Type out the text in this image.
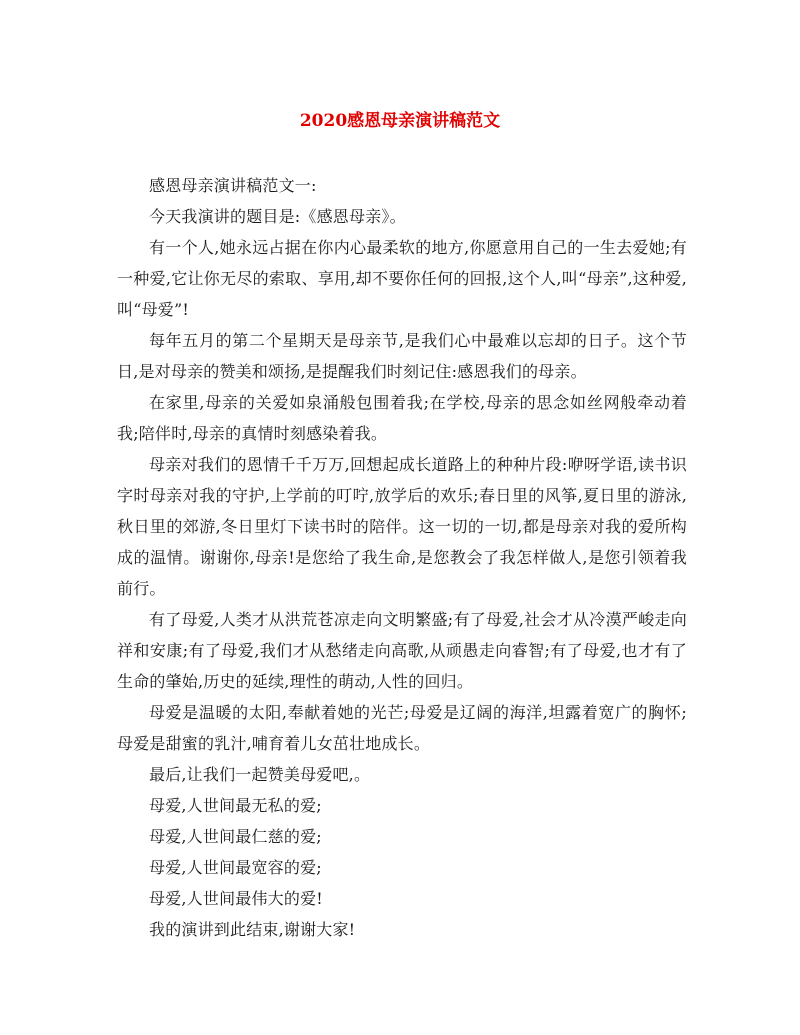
2020感恩母亲演讲稿范文

感恩母亲演讲稿范文一:

今天我演讲的题目是:《感恩母亲》。

有一个人,她永远占据在你内心最柔软的地方,你愿意用自己的一生去爱她;有一种爱,它让你无尽的索取、享用,却不要你任何的回报,这个人,叫“母亲”,这种爱,叫“母爱”!

每年五月的第二个星期天是母亲节,是我们心中最难以忘却的日子。这个节日,是对母亲的赞美和颂扬,是提醒我们时刻记住:感恩我们的母亲。

在家里,母亲的关爱如泉涌般包围着我;在学校,母亲的思念如丝网般牵动着我;陪伴时,母亲的真情时刻感染着我。

母亲对我们的恩情千千万万,回想起成长道路上的种种片段:咿呀学语,读书识字时母亲对我的守护,上学前的叮咛,放学后的欢乐;春日里的风筝,夏日里的游泳,秋日里的郊游,冬日里灯下读书时的陪伴。这一切的一切,都是母亲对我的爱所构成的温情。谢谢你,母亲!是您给了我生命,是您教会了我怎样做人,是您引领着我前行。

有了母爱,人类才从洪荒苍凉走向文明繁盛;有了母爱,社会才从冷漠严峻走向祥和安康;有了母爱,我们才从愁绪走向高歌,从顽愚走向睿智;有了母爱,也才有了生命的肇始,历史的延续,理性的萌动,人性的回归。

母爱是温暖的太阳,奉献着她的光芒;母爱是辽阔的海洋,坦露着宽广的胸怀;母爱是甜蜜的乳汁,哺育着儿女茁壮地成长。

最后,让我们一起赞美母爱吧,。

母爱,人世间最无私的爱;

母爱,人世间最仁慈的爱;

母爱,人世间最宽容的爱;

母爱,人世间最伟大的爱!

我的演讲到此结束,谢谢大家!
